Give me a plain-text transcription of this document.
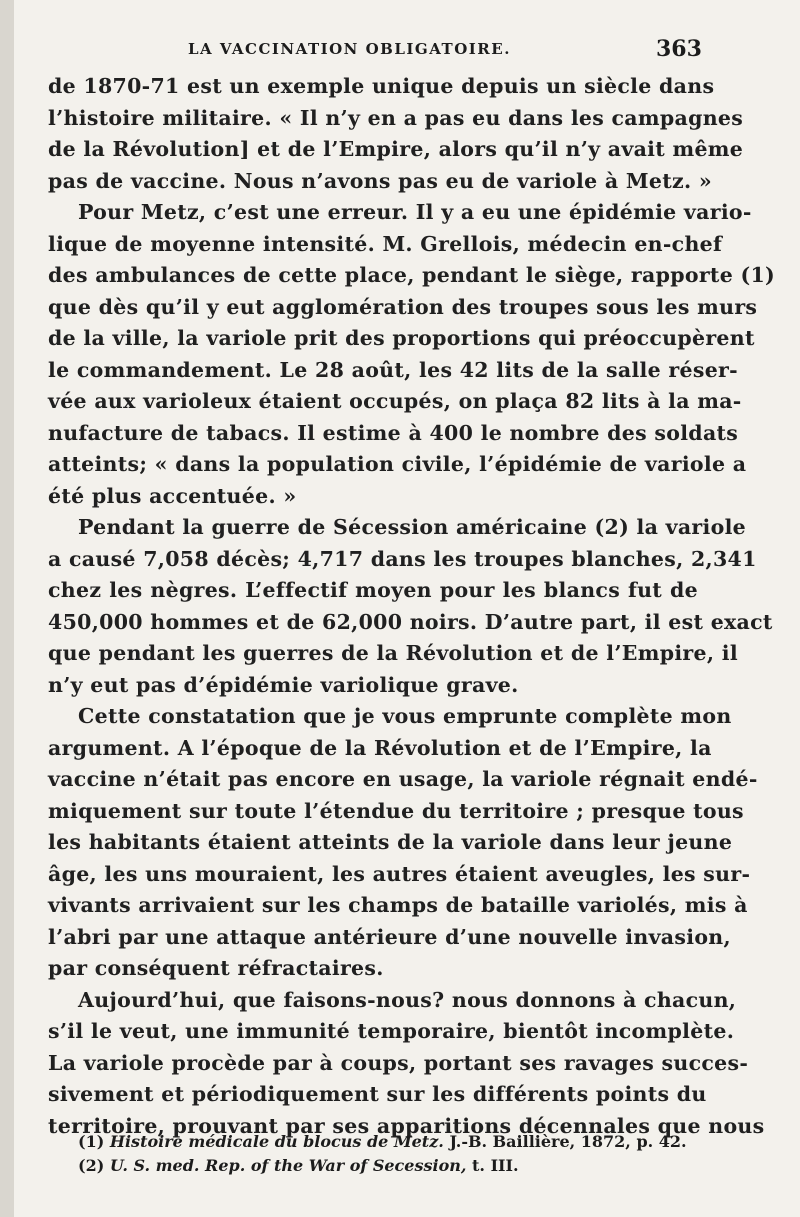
LA VACCINATION OBLIGATOIRE.	363
de 1870-71 est un exemple unique depuis un siècle dans
l’histoire militaire. « Il n’y en a pas eu dans les campagnes
de la Révolution] et de l’Empire, alors qu’il n’y avait même
pas de vaccine. Nous n’avons pas eu de variole à Metz. »
Pour Metz, c’est une erreur. Il y a eu une épidémie vario-
lique de moyenne intensité. M. Grellois, médecin en-chef
des ambulances de cette place, pendant le siège, rapporte (1)
que dès qu’il y eut agglomération des troupes sous les murs
de la ville, la variole prit des proportions qui préoccupèrent
le commandement. Le 28 août, les 42 lits de la salle réser-
vée aux varioleux étaient occupés, on plaça 82 lits à la ma-
nufacture de tabacs. Il estime à 400 le nombre des soldats
atteints; « dans la population civile, l’épidémie de variole a
été plus accentuée. »
Pendant la guerre de Sécession américaine (2) la variole
a causé 7,058 décès; 4,717 dans les troupes blanches, 2,341
chez les nègres. L’effectif moyen pour les blancs fut de
450,000 hommes et de 62,000 noirs. D’autre part, il est exact
que pendant les guerres de la Révolution et de l’Empire, il
n’y eut pas d’épidémie variolique grave.
Cette constatation que je vous emprunte complète mon
argument. A l’époque de la Révolution et de l’Empire, la
vaccine n’était pas encore en usage, la variole régnait endé-
miquement sur toute l’étendue du territoire ; presque tous
les habitants étaient atteints de la variole dans leur jeune
âge, les uns mouraient, les autres étaient aveugles, les sur-
vivants arrivaient sur les champs de bataille variolés, mis à
l’abri par une attaque antérieure d’une nouvelle invasion,
par conséquent réfractaires.
Aujourd’hui, que faisons-nous? nous donnons à chacun,
s’il le veut, une immunité temporaire, bientôt incomplète.
La variole procède par à coups, portant ses ravages succes-
sivement et périodiquement sur les différents points du
territoire, prouvant par ses apparitions décennales que nous
(1) Histoire médicale du blocus de Metz. J.-B. Baillière, 1872, p. 42.
(2) U. S. med. Rep. of the War of Secession, t. III.
